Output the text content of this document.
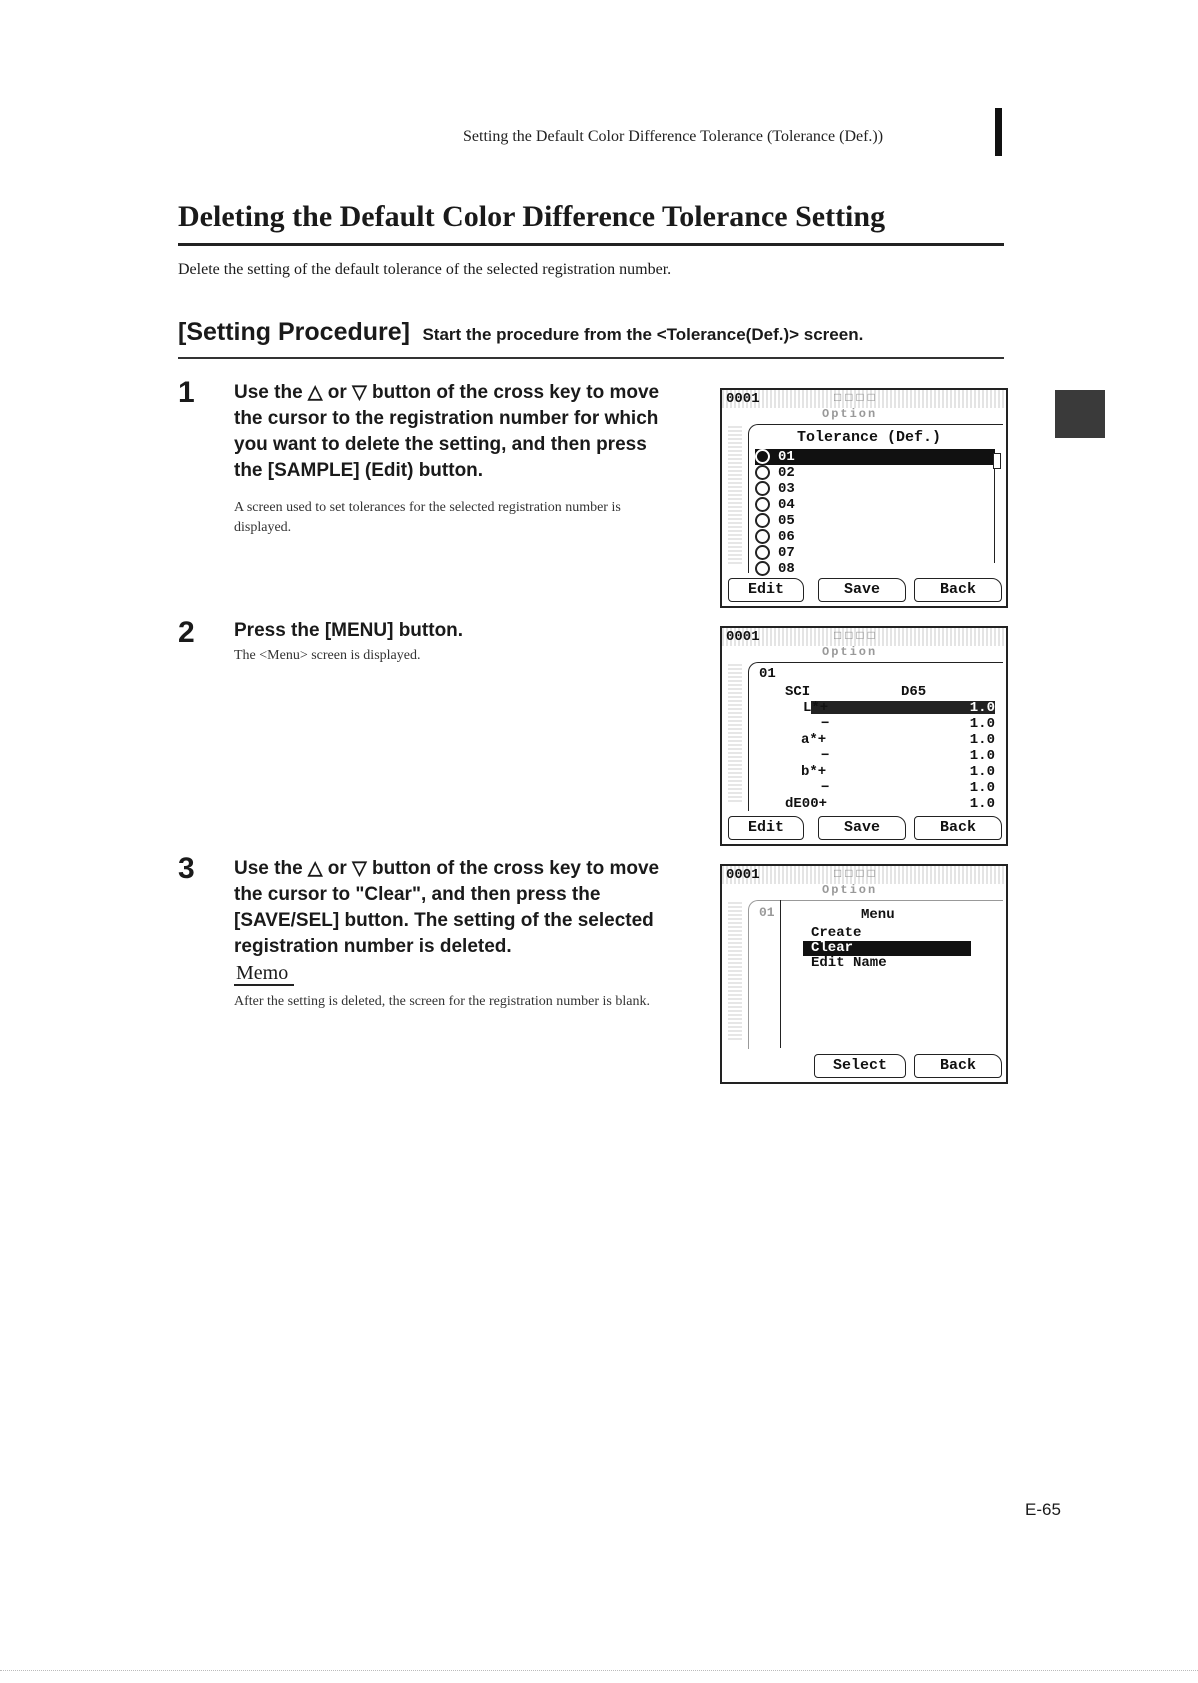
Setting the Default Color Difference Tolerance (Tolerance (Def.))
Deleting the Default Color Difference Tolerance Setting
Delete the setting of the default tolerance of the selected registration number.
[Setting Procedure] Start the procedure from the <Tolerance(Def.)> screen.
1 Use the △ or ▽ button of the cross key to move the cursor to the registration number for which you want to delete the setting, and then press the [SAMPLE] (Edit) button.
A screen used to set tolerances for the selected registration number is displayed.
2 Press the [MENU] button.
The <Menu> screen is displayed.
3 Use the △ or ▽ button of the cross key to move the cursor to "Clear", and then press the [SAVE/SEL] button. The setting of the selected registration number is deleted.
Memo
After the setting is deleted, the screen for the registration number is blank.
0001	□□□□
Option
Tolerance (Def.)
01
02
03
04
05
06
07
08
Edit	Save	Back
0001	□□□□
Option
01
SCI	D65
L*+	1.0
−	1.0
a*+	1.0
−	1.0
b*+	1.0
−	1.0
dE00+	1.0
Edit	Save	Back
0001	□□□□
Option
01	Menu
Create
Clear
Edit Name
Select	Back
E-65
